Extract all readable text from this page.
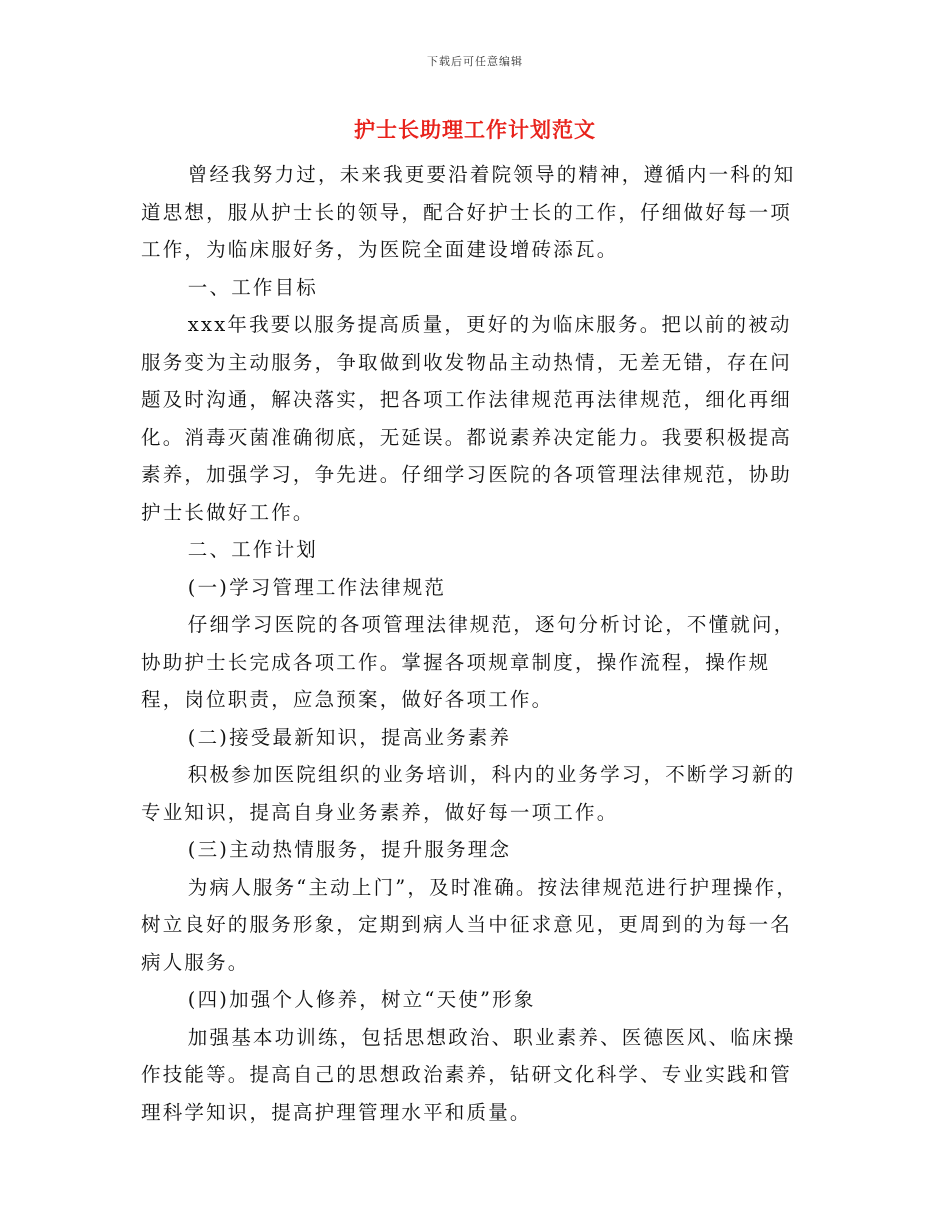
下载后可任意编辑
护士长助理工作计划范文

曾经我努力过，未来我更要沿着院领导的精神，遵循内一科的知道思想，服从护士长的领导，配合好护士长的工作，仔细做好每一项工作，为临床服好务，为医院全面建设增砖添瓦。

一、工作目标

xxx年我要以服务提高质量，更好的为临床服务。把以前的被动服务变为主动服务，争取做到收发物品主动热情，无差无错，存在问题及时沟通，解决落实，把各项工作法律规范再法律规范，细化再细化。消毒灭菌准确彻底，无延误。都说素养决定能力。我要积极提高素养，加强学习，争先进。仔细学习医院的各项管理法律规范，协助护士长做好工作。

二、工作计划

(一)学习管理工作法律规范

仔细学习医院的各项管理法律规范，逐句分析讨论，不懂就问，协助护士长完成各项工作。掌握各项规章制度，操作流程，操作规程，岗位职责，应急预案，做好各项工作。

(二)接受最新知识，提高业务素养

积极参加医院组织的业务培训，科内的业务学习，不断学习新的专业知识，提高自身业务素养，做好每一项工作。

(三)主动热情服务，提升服务理念

为病人服务“主动上门”，及时准确。按法律规范进行护理操作，树立良好的服务形象，定期到病人当中征求意见，更周到的为每一名病人服务。

(四)加强个人修养，树立“天使”形象

加强基本功训练，包括思想政治、职业素养、医德医风、临床操作技能等。提高自己的思想政治素养，钻研文化科学、专业实践和管理科学知识，提高护理管理水平和质量。
